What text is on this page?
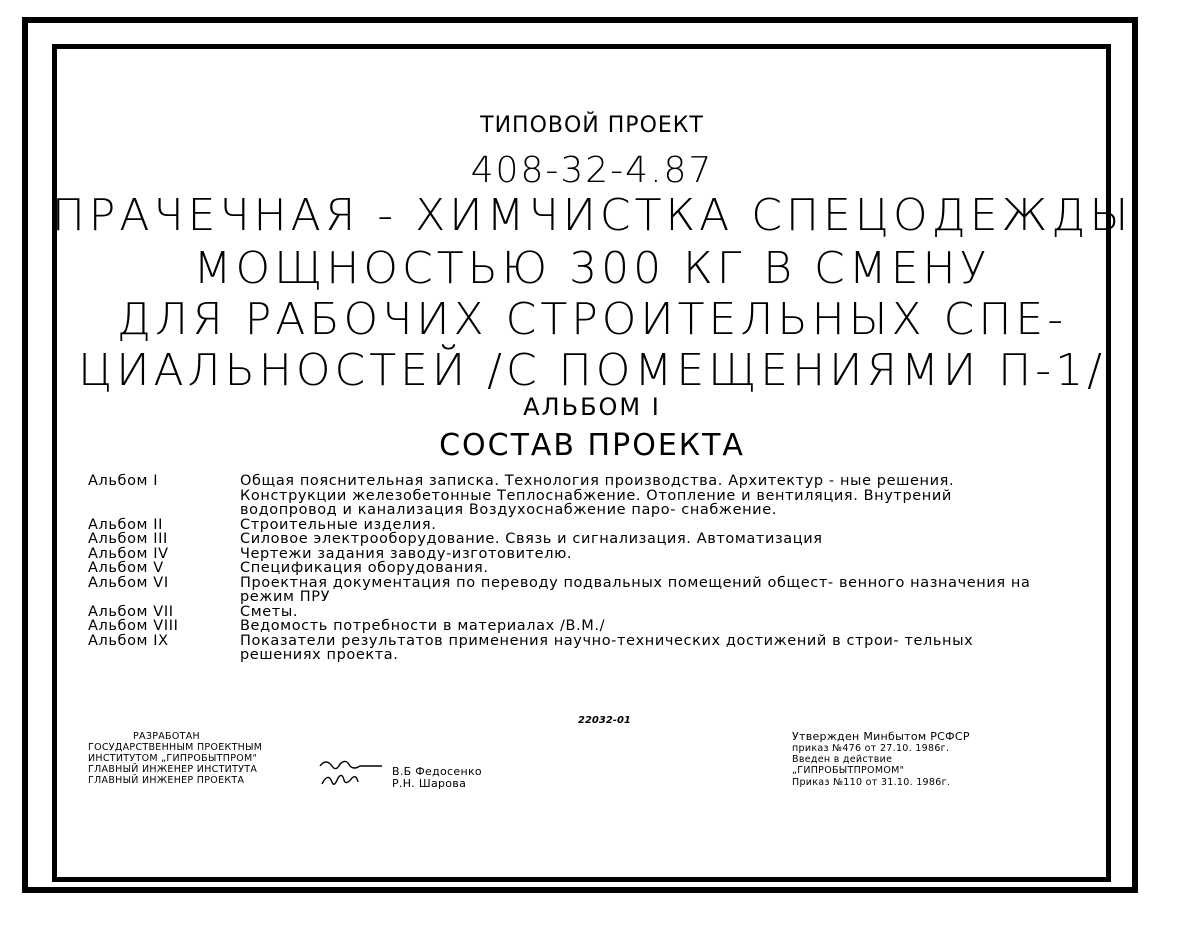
ТИПОВОЙ ПРОЕКТ
408-32-4.87
ПРАЧЕЧНАЯ - ХИМЧИСТКА СПЕЦОДЕЖДЫ
МОЩНОСТЬЮ 300 КГ В СМЕНУ
ДЛЯ РАБОЧИХ СТРОИТЕЛЬНЫХ СПЕ-
ЦИАЛЬНОСТЕЙ /С ПОМЕЩЕНИЯМИ П-1/
АЛЬБОМ I
СОСТАВ ПРОЕКТА
Альбом I	Общая пояснительная записка. Технология производства. Архитектур - ные решения. Конструкции железобетонные Теплоснабжение. Отопление и вентиляция. Внутрений водопровод и канализация Воздухоснабжение паро- снабжение.
Альбом II	Строительные изделия.
Альбом III	Силовое электрооборудование. Связь и сигнализация. Автоматизация
Альбом IV	Чертежи задания заводу-изготовителю.
Альбом V	Спецификация оборудования.
Альбом VI	Проектная документация по переводу подвальных помещений общест- венного назначения на режим ПРУ
Альбом VII	Сметы.
Альбом VIII	Ведомость потребности в материалах /В.М./
Альбом IX	Показатели результатов применения научно-технических достижений в строи- тельных решениях проекта.
РАЗРАБОТАН
ГОСУДАРСТВЕННЫМ ПРОЕКТНЫМ
ИНСТИТУТОМ „ГИПРОБЫТПРОМ"
ГЛАВНЫЙ ИНЖЕНЕР ИНСТИТУТА
ГЛАВНЫЙ ИНЖЕНЕР ПРОЕКТА
В.Б Федосенко
Р.Н. Шарова
22032-01
Утвержден Минбытом РСФСР
приказ №476 от 27.10. 1986г.
Введен в действие
„ГИПРОБЫТПРОМОМ"
Приказ №110 от 31.10. 1986г.
